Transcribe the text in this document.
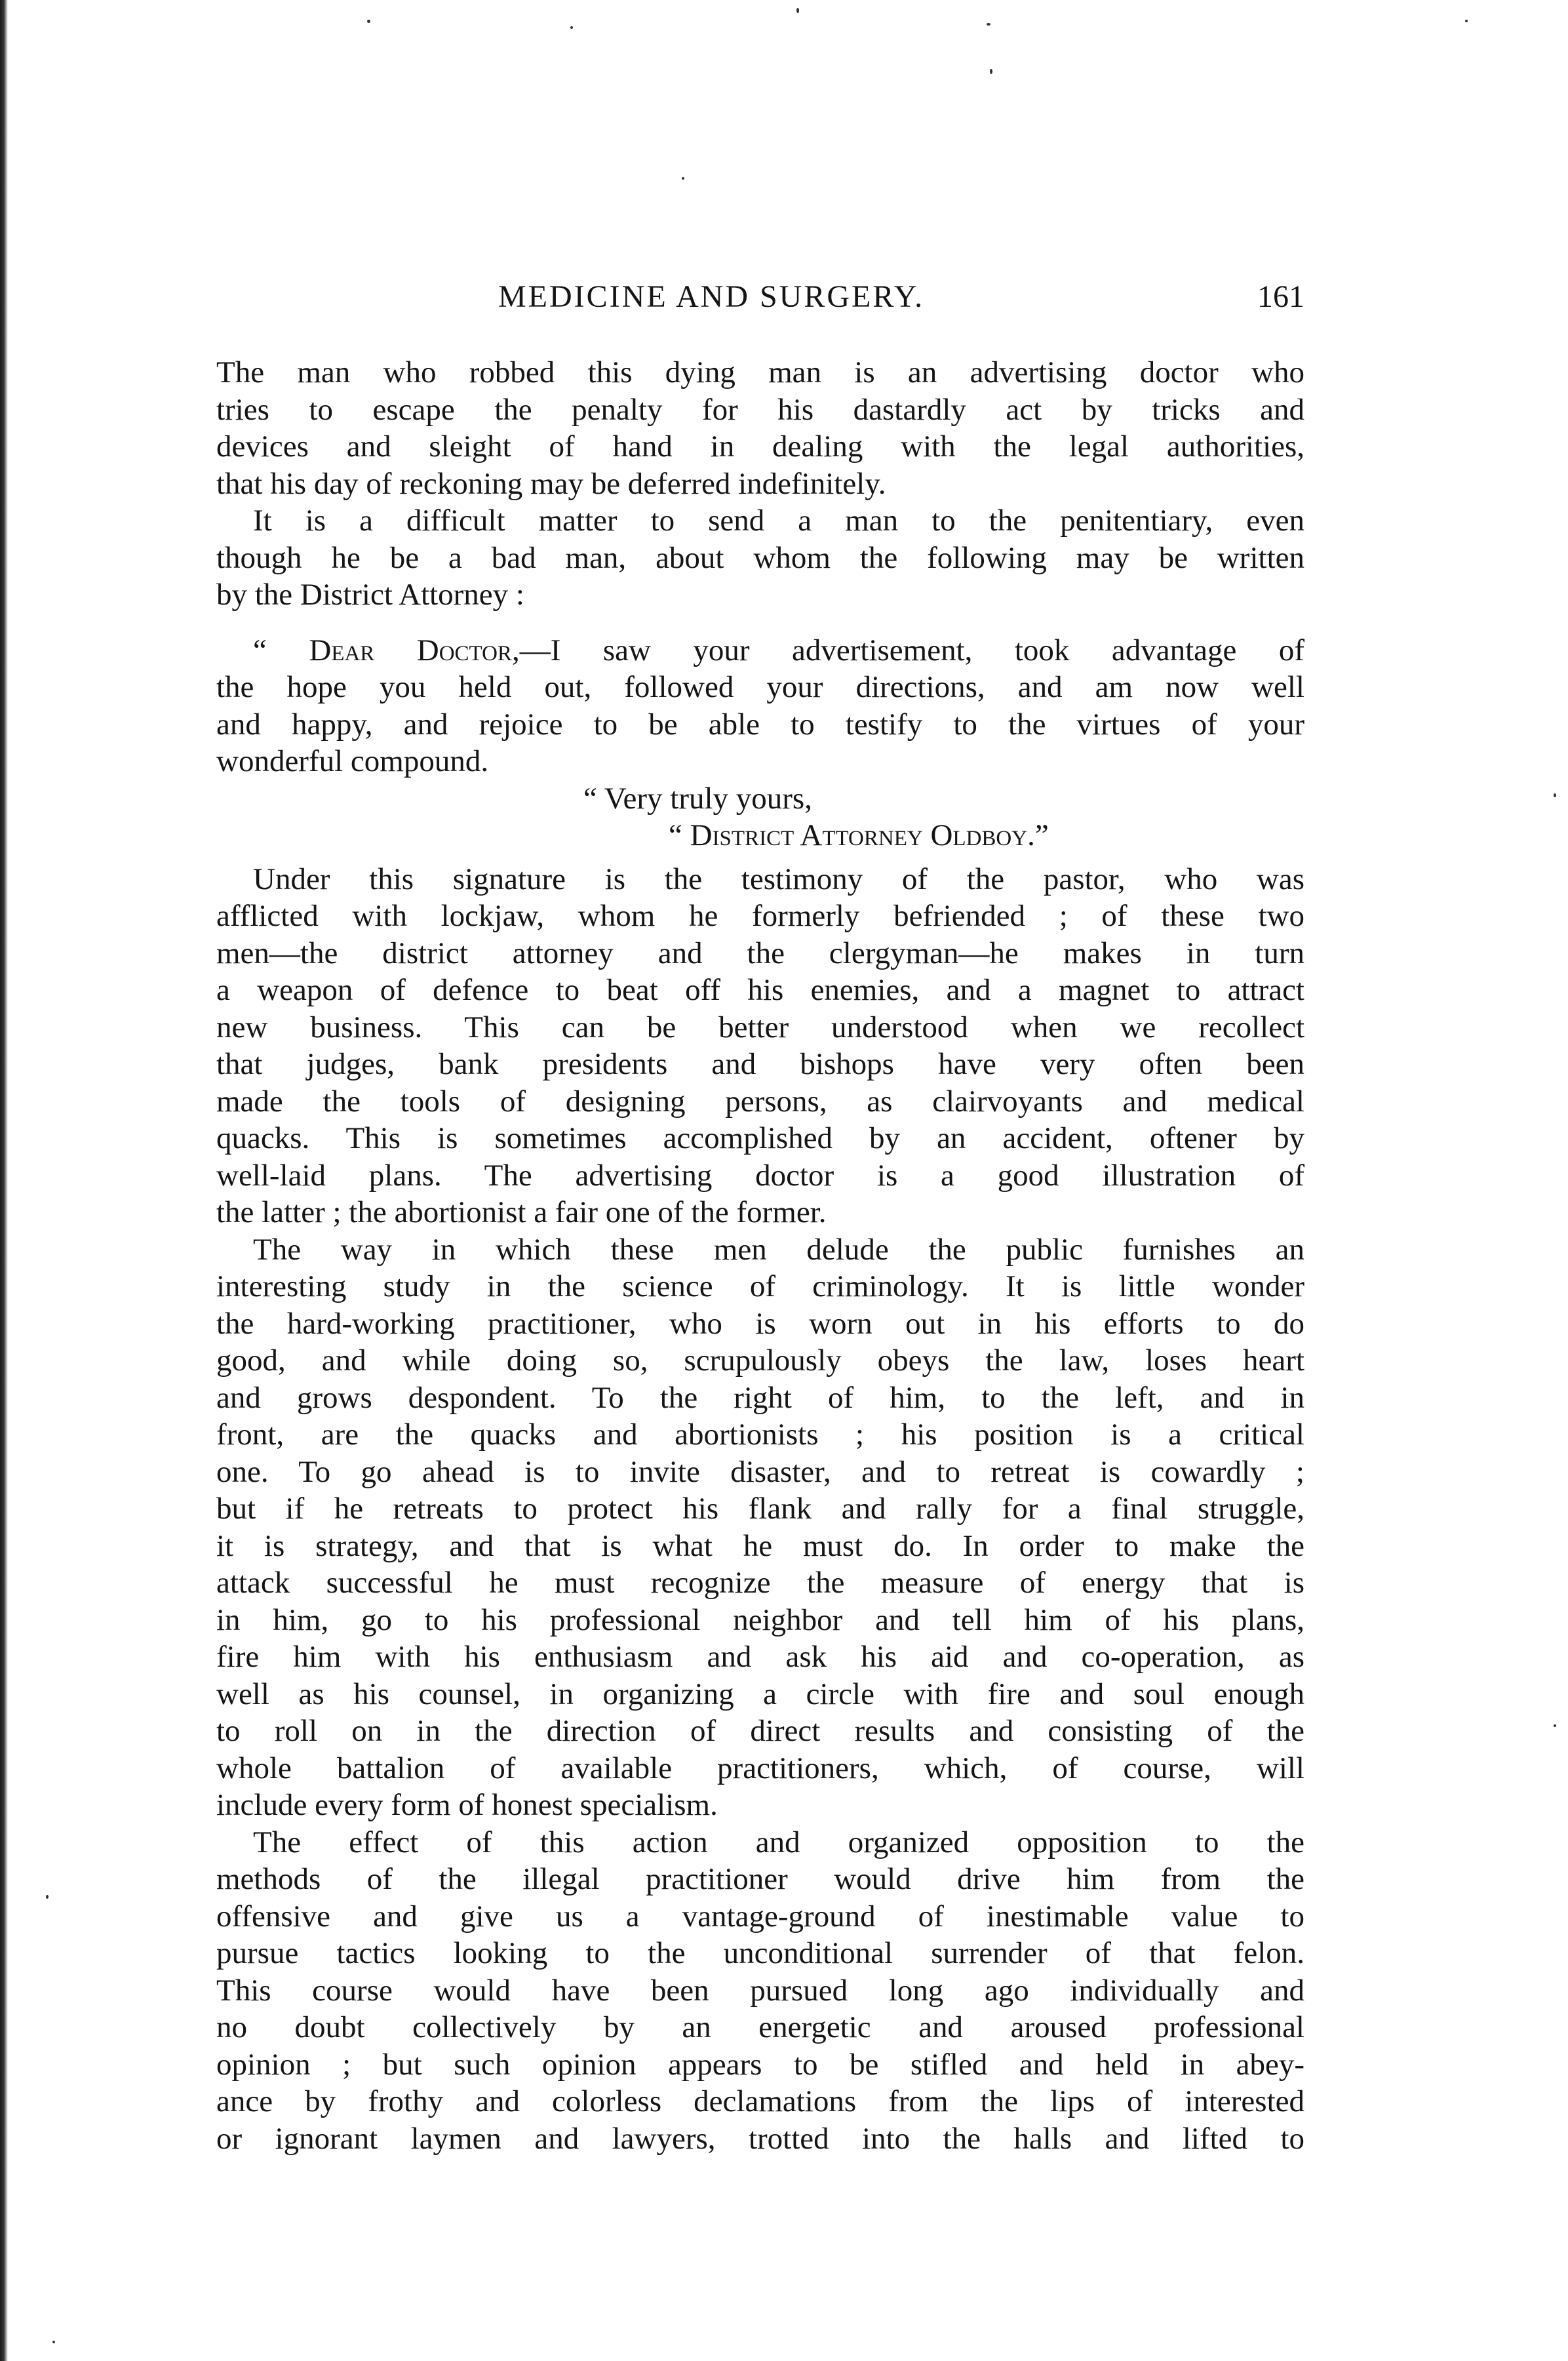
MEDICINE AND SURGERY.	161
The man who robbed this dying man is an advertising doctor who
tries to escape the penalty for his dastardly act by tricks and
devices and sleight of hand in dealing with the legal authorities,
that his day of reckoning may be deferred indefinitely.
It is a difficult matter to send a man to the penitentiary, even
though he be a bad man, about whom the following may be written
by the District Attorney :
“ Dear Doctor,—I saw your advertisement, took advantage of
the hope you held out, followed your directions, and am now well
and happy, and rejoice to be able to testify to the virtues of your
wonderful compound.
“ Very truly yours,
“ District Attorney Oldboy.”
Under this signature is the testimony of the pastor, who was
afflicted with lockjaw, whom he formerly befriended ; of these two
men—the district attorney and the clergyman—he makes in turn
a weapon of defence to beat off his enemies, and a magnet to attract
new business. This can be better understood when we recollect
that judges, bank presidents and bishops have very often been
made the tools of designing persons, as clairvoyants and medical
quacks. This is sometimes accomplished by an accident, oftener by
well-laid plans. The advertising doctor is a good illustration of
the latter ; the abortionist a fair one of the former.
The way in which these men delude the public furnishes an
interesting study in the science of criminology. It is little wonder
the hard-working practitioner, who is worn out in his efforts to do
good, and while doing so, scrupulously obeys the law, loses heart
and grows despondent. To the right of him, to the left, and in
front, are the quacks and abortionists ; his position is a critical
one. To go ahead is to invite disaster, and to retreat is cowardly ;
but if he retreats to protect his flank and rally for a final struggle,
it is strategy, and that is what he must do. In order to make the
attack successful he must recognize the measure of energy that is
in him, go to his professional neighbor and tell him of his plans,
fire him with his enthusiasm and ask his aid and co-operation, as
well as his counsel, in organizing a circle with fire and soul enough
to roll on in the direction of direct results and consisting of the
whole battalion of available practitioners, which, of course, will
include every form of honest specialism.
The effect of this action and organized opposition to the
methods of the illegal practitioner would drive him from the
offensive and give us a vantage-ground of inestimable value to
pursue tactics looking to the unconditional surrender of that felon.
This course would have been pursued long ago individually and
no doubt collectively by an energetic and aroused professional
opinion ; but such opinion appears to be stifled and held in abey-
ance by frothy and colorless declamations from the lips of interested
or ignorant laymen and lawyers, trotted into the halls and lifted to
